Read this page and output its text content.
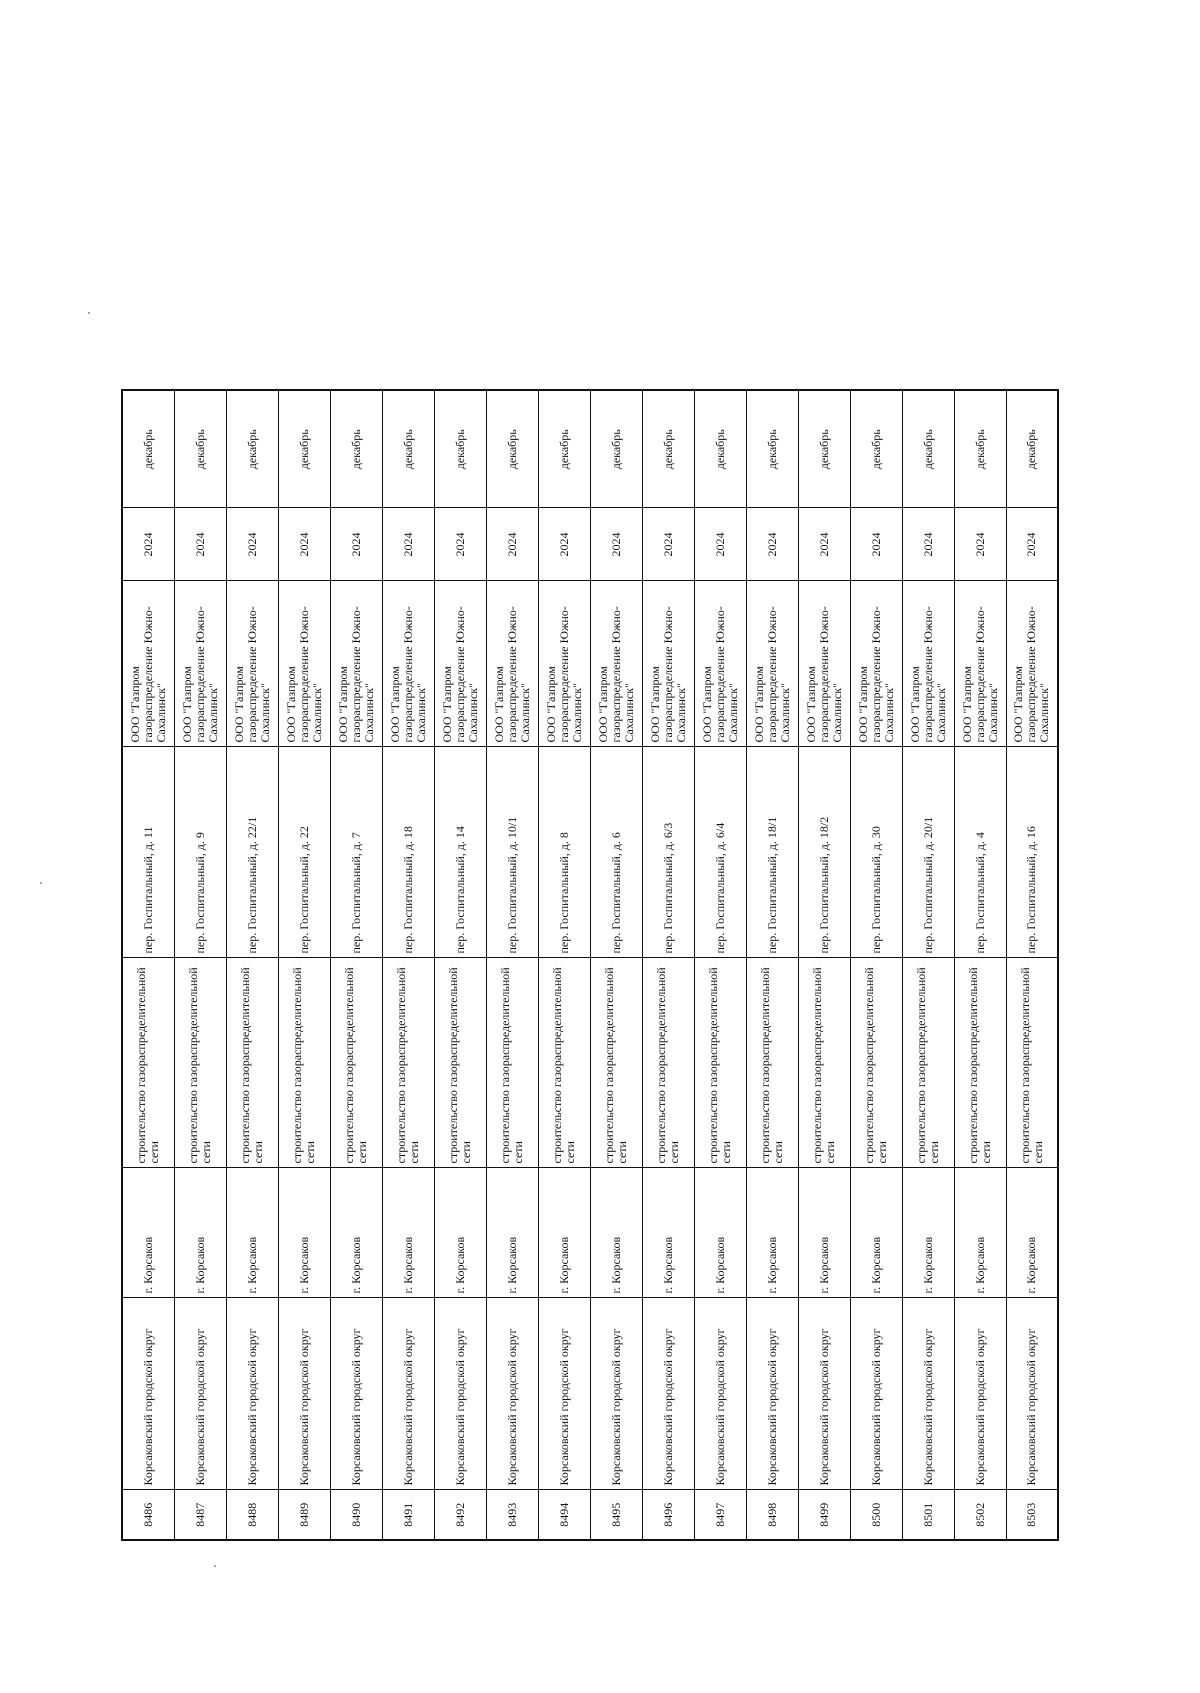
8486	Корсаковский городской округ	г. Корсаков	строительство газораспределительной сети	пер. Госпитальный, д. 11	ООО "Газпром газораспределение Южно-Сахалинск"	2024	декабрь
8487	Корсаковский городской округ	г. Корсаков	строительство газораспределительной сети	пер. Госпитальный, д. 9	ООО "Газпром газораспределение Южно-Сахалинск"	2024	декабрь
8488	Корсаковский городской округ	г. Корсаков	строительство газораспределительной сети	пер. Госпитальный, д. 22/1	ООО "Газпром газораспределение Южно-Сахалинск"	2024	декабрь
8489	Корсаковский городской округ	г. Корсаков	строительство газораспределительной сети	пер. Госпитальный, д. 22	ООО "Газпром газораспределение Южно-Сахалинск"	2024	декабрь
8490	Корсаковский городской округ	г. Корсаков	строительство газораспределительной сети	пер. Госпитальный, д. 7	ООО "Газпром газораспределение Южно-Сахалинск"	2024	декабрь
8491	Корсаковский городской округ	г. Корсаков	строительство газораспределительной сети	пер. Госпитальный, д. 18	ООО "Газпром газораспределение Южно-Сахалинск"	2024	декабрь
8492	Корсаковский городской округ	г. Корсаков	строительство газораспределительной сети	пер. Госпитальный, д. 14	ООО "Газпром газораспределение Южно-Сахалинск"	2024	декабрь
8493	Корсаковский городской округ	г. Корсаков	строительство газораспределительной сети	пер. Госпитальный, д. 10/1	ООО "Газпром газораспределение Южно-Сахалинск"	2024	декабрь
8494	Корсаковский городской округ	г. Корсаков	строительство газораспределительной сети	пер. Госпитальный, д. 8	ООО "Газпром газораспределение Южно-Сахалинск"	2024	декабрь
8495	Корсаковский городской округ	г. Корсаков	строительство газораспределительной сети	пер. Госпитальный, д. 6	ООО "Газпром газораспределение Южно-Сахалинск"	2024	декабрь
8496	Корсаковский городской округ	г. Корсаков	строительство газораспределительной сети	пер. Госпитальный, д. 6/3	ООО "Газпром газораспределение Южно-Сахалинск"	2024	декабрь
8497	Корсаковский городской округ	г. Корсаков	строительство газораспределительной сети	пер. Госпитальный, д. 6/4	ООО "Газпром газораспределение Южно-Сахалинск"	2024	декабрь
8498	Корсаковский городской округ	г. Корсаков	строительство газораспределительной сети	пер. Госпитальный, д. 18/1	ООО "Газпром газораспределение Южно-Сахалинск"	2024	декабрь
8499	Корсаковский городской округ	г. Корсаков	строительство газораспределительной сети	пер. Госпитальный, д. 18/2	ООО "Газпром газораспределение Южно-Сахалинск"	2024	декабрь
8500	Корсаковский городской округ	г. Корсаков	строительство газораспределительной сети	пер. Госпитальный, д. 30	ООО "Газпром газораспределение Южно-Сахалинск"	2024	декабрь
8501	Корсаковский городской округ	г. Корсаков	строительство газораспределительной сети	пер. Госпитальный, д. 20/1	ООО "Газпром газораспределение Южно-Сахалинск"	2024	декабрь
8502	Корсаковский городской округ	г. Корсаков	строительство газораспределительной сети	пер. Госпитальный, д. 4	ООО "Газпром газораспределение Южно-Сахалинск"	2024	декабрь
8503	Корсаковский городской округ	г. Корсаков	строительство газораспределительной сети	пер. Госпитальный, д. 16	ООО "Газпром газораспределение Южно-Сахалинск"	2024	декабрь
